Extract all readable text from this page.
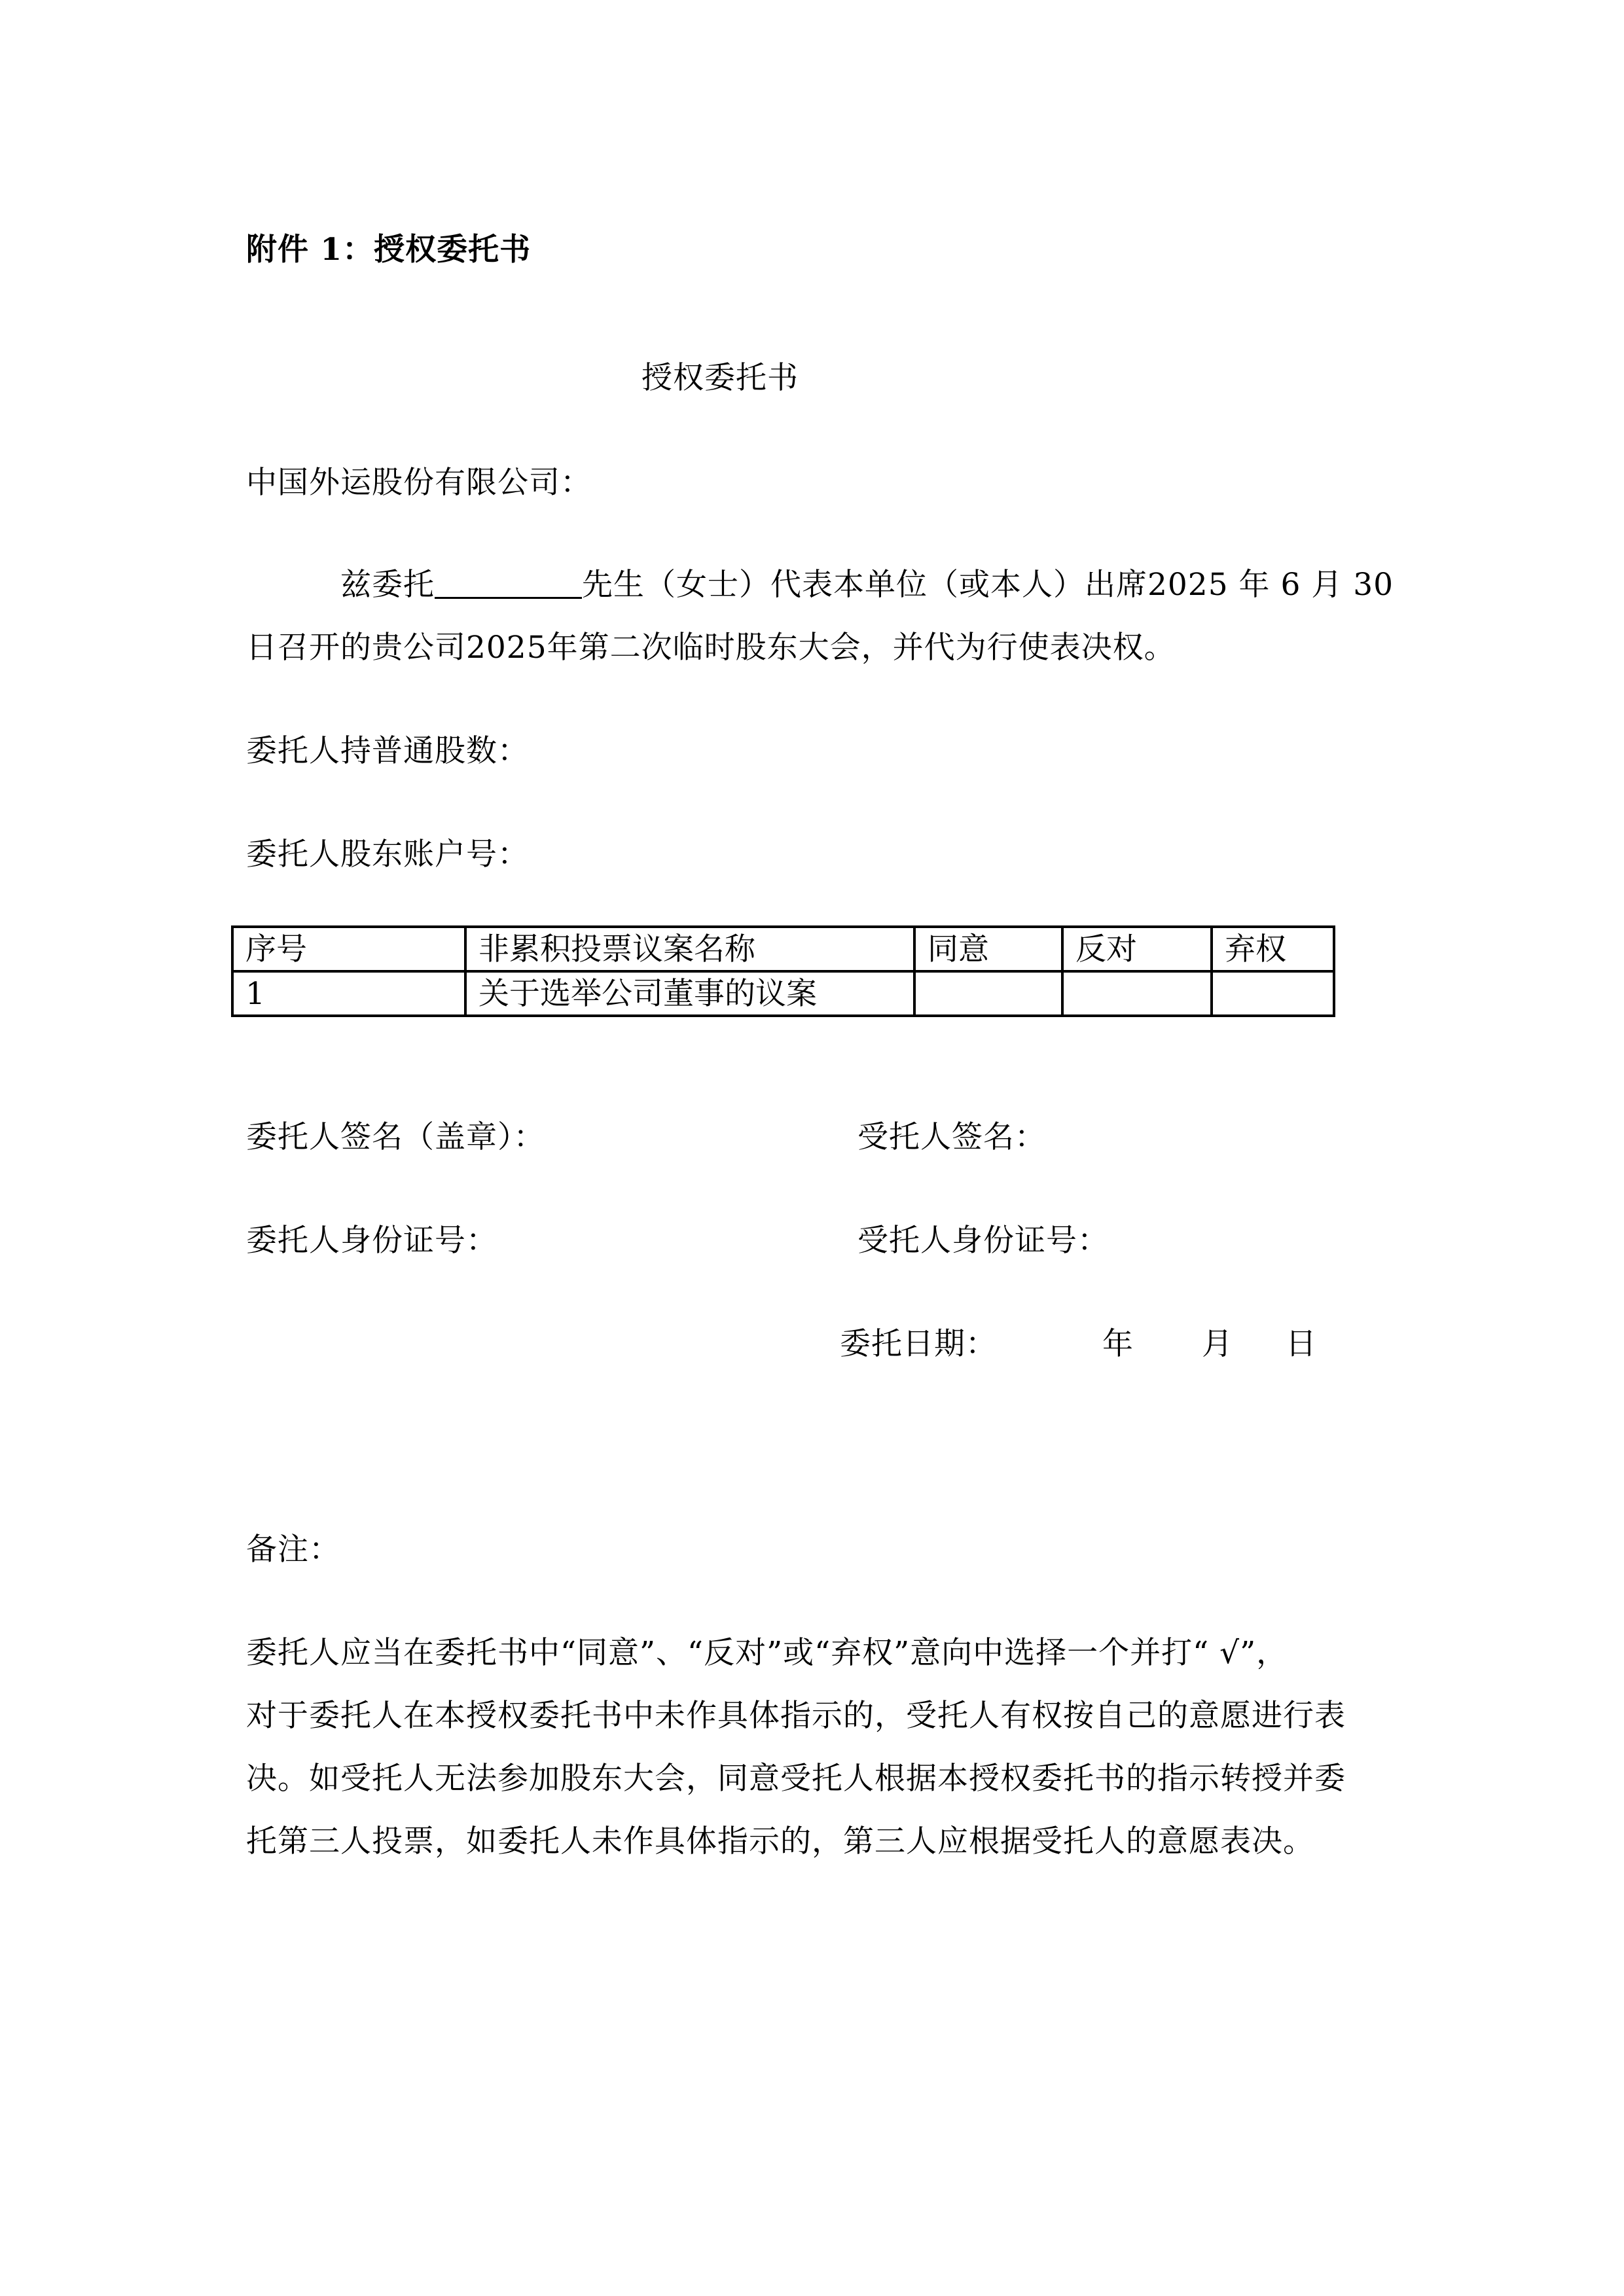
附件 1：授权委托书
授权委托书
中国外运股份有限公司：
兹委托	先生（女士）代表本单位（或本人）出席2025 年 6 月 30
日召开的贵公司2025年第二次临时股东大会，并代为行使表决权。
委托人持普通股数：
委托人股东账户号：
序号	非累积投票议案名称	同意	反对	弃权
1	关于选举公司董事的议案			
委托人签名（盖章）：	受托人签名：
委托人身份证号：	受托人身份证号：
委托日期：	年 月 日
备注：
委托人应当在委托书中“同意”、“反对”或“弃权”意向中选择一个并打“ √”，
对于委托人在本授权委托书中未作具体指示的，受托人有权按自己的意愿进行表
决。如受托人无法参加股东大会，同意受托人根据本授权委托书的指示转授并委
托第三人投票，如委托人未作具体指示的，第三人应根据受托人的意愿表决。
